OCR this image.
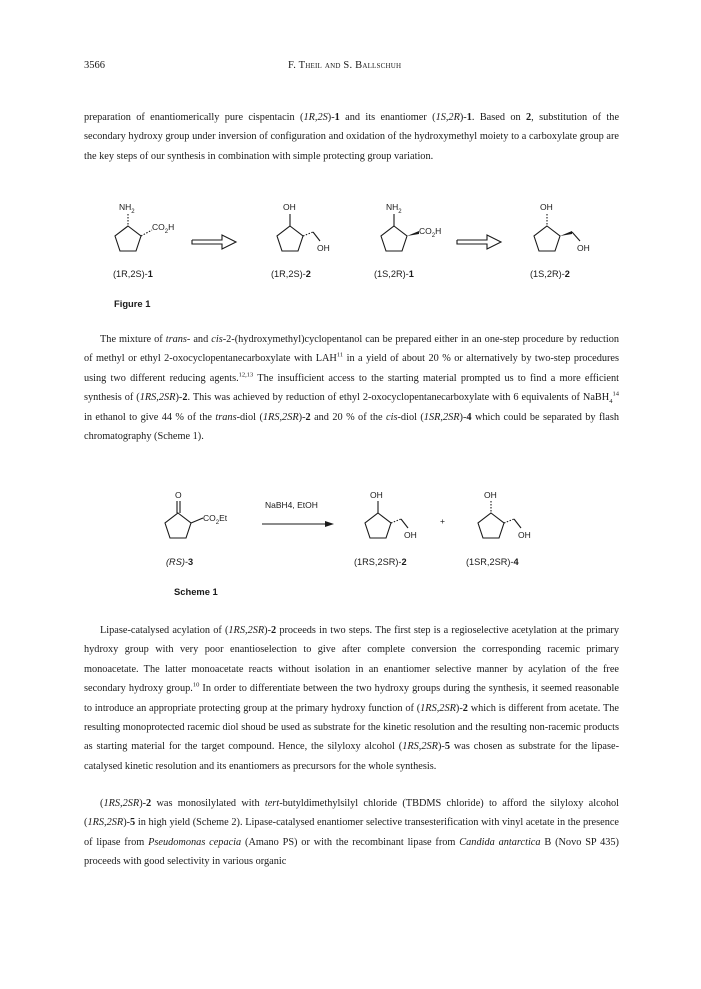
3566	F. Theil and S. Ballschuh

preparation of enantiomerically pure cispentacin (1R,2S)-1 and its enantiomer (1S,2R)-1. Based on 2, substitution of the secondary hydroxy group under inversion of configuration and oxidation of the hydroxymethyl moiety to a carboxylate group are the key steps of our synthesis in combination with simple protecting group variation.

$NH_2$
$CO_2H$
OH
OH
$NH_2$
$CO_2H$
OH
OH
(1R,2S)-1	(1R,2S)-2	(1S,2R)-1	(1S,2R)-2
Figure 1

The mixture of trans- and cis-2-(hydroxymethyl)cyclopentanol can be prepared either in an one-step procedure by reduction of methyl or ethyl 2-oxocyclopentanecarboxylate with LAH$^{11}$ in a yield of about 20 % or alternatively by two-step procedures using two different reducing agents.$^{12,13}$ The insufficient access to the starting material prompted us to find a more efficient synthesis of (1RS,2SR)-2. This was achieved by reduction of ethyl 2-oxocyclopentanecarboxylate with 6 equivalents of NaBH$_4^{14}$ in ethanol to give 44 % of the trans-diol (1RS,2SR)-2 and 20 % of the cis-diol (1SR,2SR)-4 which could be separated by flash chromatography (Scheme 1).

O
$CO_2Et$
NaBH4, EtOH
OH
OH
+
OH
OH
(RS)-3	(1RS,2SR)-2	(1SR,2SR)-4
Scheme 1

Lipase-catalysed acylation of (1RS,2SR)-2 proceeds in two steps. The first step is a regioselective acetylation at the primary hydroxy group with very poor enantioselection to give after complete conversion the corresponding racemic primary monoacetate. The latter monoacetate reacts without isolation in an enantiomer selective manner by acylation of the free secondary hydroxy group.$^{10}$ In order to differentiate between the two hydroxy groups during the synthesis, it seemed reasonable to introduce an appropriate protecting group at the primary hydroxy function of (1RS,2SR)-2 which is different from acetate. The resulting monoprotected racemic diol shoud be used as substrate for the kinetic resolution and the resulting non-racemic products as starting material for the target compound. Hence, the silyloxy alcohol (1RS,2SR)-5 was chosen as substrate for the lipase-catalysed kinetic resolution and its enantiomers as precursors for the whole synthesis.

(1RS,2SR)-2 was monosilylated with tert-butyldimethylsilyl chloride (TBDMS chloride) to afford the silyloxy alcohol (1RS,2SR)-5 in high yield (Scheme 2). Lipase-catalysed enantiomer selective transesterification with vinyl acetate in the presence of lipase from Pseudomonas cepacia (Amano PS) or with the recombinant lipase from Candida antarctica B (Novo SP 435) proceeds with good selectivity in various organic
